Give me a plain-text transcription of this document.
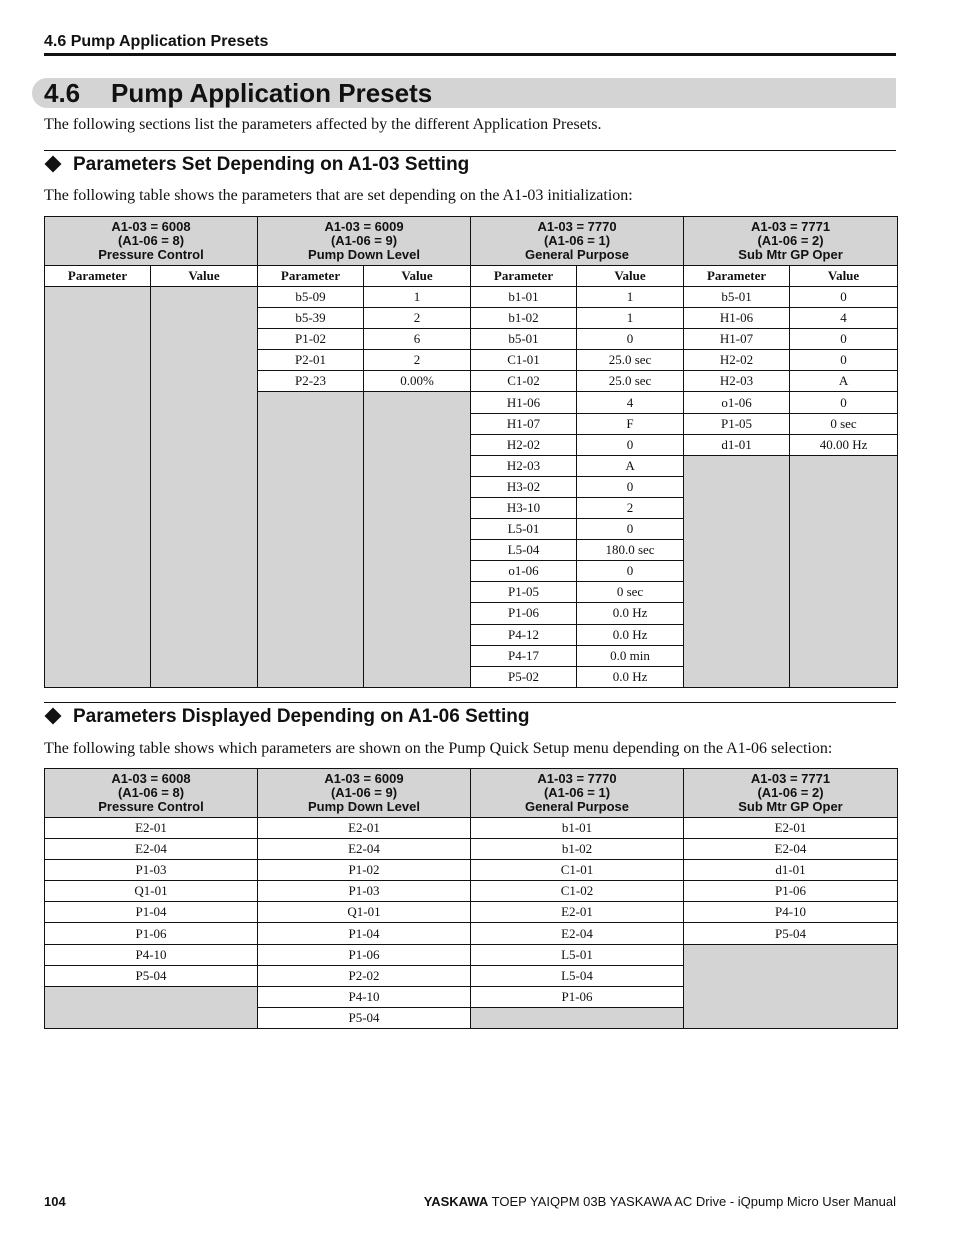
4.6 Pump Application Presets
4.6 Pump Application Presets
The following sections list the parameters affected by the different Application Presets.
Parameters Set Depending on A1-03 Setting
The following table shows the parameters that are set depending on the A1-03 initialization:
A1-03 = 6008
(A1-06 = 8)
Pressure Control		A1-03 = 6009
(A1-06 = 9)
Pump Down Level		A1-03 = 7770
(A1-06 = 1)
General Purpose		A1-03 = 7771
(A1-06 = 2)
Sub Mtr GP Oper	
Parameter	Value	Parameter	Value	Parameter	Value	Parameter	Value
		b5-09	1	b1-01	1	b5-01	0
		b5-39	2	b1-02	1	H1-06	4
		P1-02	6	b5-01	0	H1-07	0
		P2-01	2	C1-01	25.0 sec	H2-02	0
		P2-23	0.00%	C1-02	25.0 sec	H2-03	A
				H1-06	4	o1-06	0
				H1-07	F	P1-05	0 sec
				H2-02	0	d1-01	40.00 Hz
				H2-03	A		
				H3-02	0		
				H3-10	2		
				L5-01	0		
				L5-04	180.0 sec		
				o1-06	0		
				P1-05	0 sec		
				P1-06	0.0 Hz		
				P4-12	0.0 Hz		
				P4-17	0.0 min		
				P5-02	0.0 Hz		
Parameters Displayed Depending on A1-06 Setting
The following table shows which parameters are shown on the Pump Quick Setup menu depending on the A1-06 selection:
A1-03 = 6008
(A1-06 = 8)
Pressure Control	A1-03 = 6009
(A1-06 = 9)
Pump Down Level	A1-03 = 7770
(A1-06 = 1)
General Purpose	A1-03 = 7771
(A1-06 = 2)
Sub Mtr GP Oper
E2-01	E2-01	b1-01	E2-01
E2-04	E2-04	b1-02	E2-04
P1-03	P1-02	C1-01	d1-01
Q1-01	P1-03	C1-02	P1-06
P1-04	Q1-01	E2-01	P4-10
P1-06	P1-04	E2-04	P5-04
P4-10	P1-06	L5-01	
P5-04	P2-02	L5-04	
	P4-10	P1-06	
	P5-04		
104	YASKAWA TOEP YAIQPM 03B YASKAWA AC Drive - iQpump Micro User Manual
